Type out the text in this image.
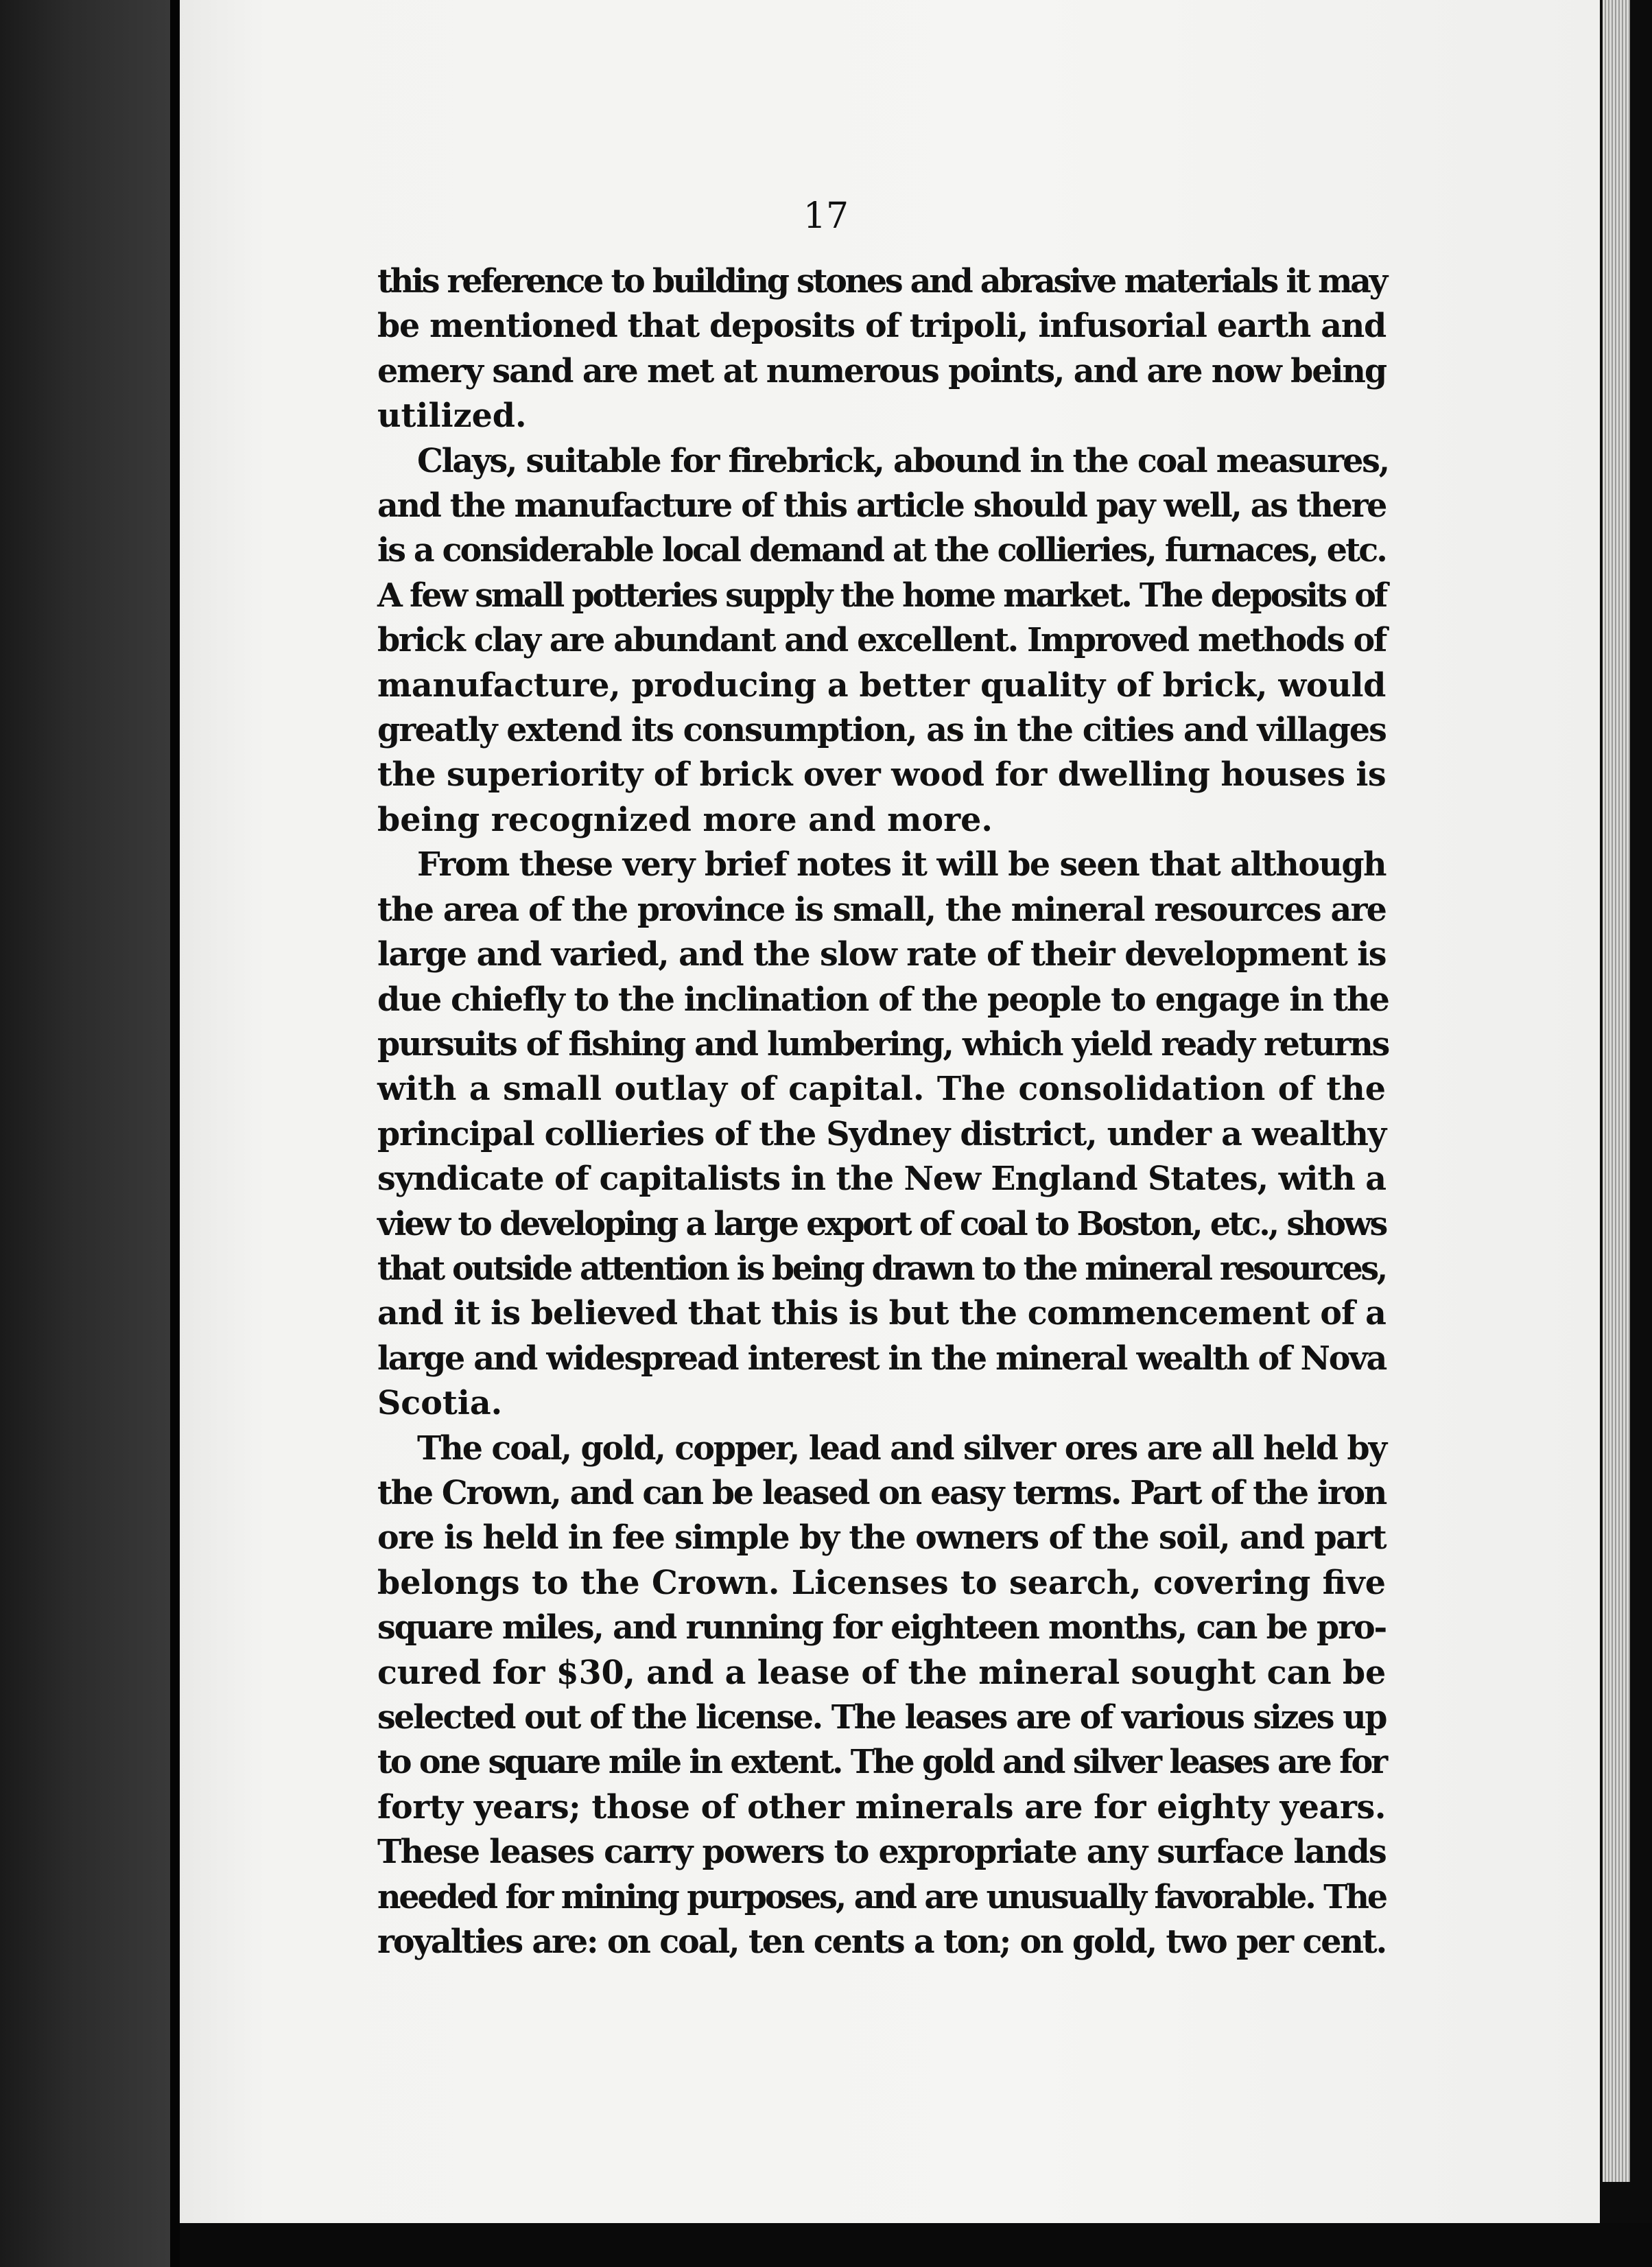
17

this reference to building stones and abrasive materials it may
be mentioned that deposits of tripoli, infusorial earth and
emery sand are met at numerous points, and are now being
utilized.

Clays, suitable for firebrick, abound in the coal measures,
and the manufacture of this article should pay well, as there
is a considerable local demand at the collieries, furnaces, etc.
A few small potteries supply the home market. The deposits of
brick clay are abundant and excellent. Improved methods of
manufacture, producing a better quality of brick, would
greatly extend its consumption, as in the cities and villages
the superiority of brick over wood for dwelling houses is
being recognized more and more.

From these very brief notes it will be seen that although
the area of the province is small, the mineral resources are
large and varied, and the slow rate of their development is
due chiefly to the inclination of the people to engage in the
pursuits of fishing and lumbering, which yield ready returns
with a small outlay of capital. The consolidation of the
principal collieries of the Sydney district, under a wealthy
syndicate of capitalists in the New England States, with a
view to developing a large export of coal to Boston, etc., shows
that outside attention is being drawn to the mineral resources,
and it is believed that this is but the commencement of a
large and widespread interest in the mineral wealth of Nova
Scotia.

The coal, gold, copper, lead and silver ores are all held by
the Crown, and can be leased on easy terms. Part of the iron
ore is held in fee simple by the owners of the soil, and part
belongs to the Crown. Licenses to search, covering five
square miles, and running for eighteen months, can be pro-
cured for $30, and a lease of the mineral sought can be
selected out of the license. The leases are of various sizes up
to one square mile in extent. The gold and silver leases are for
forty years; those of other minerals are for eighty years.
These leases carry powers to expropriate any surface lands
needed for mining purposes, and are unusually favorable. The
royalties are: on coal, ten cents a ton; on gold, two per cent.
